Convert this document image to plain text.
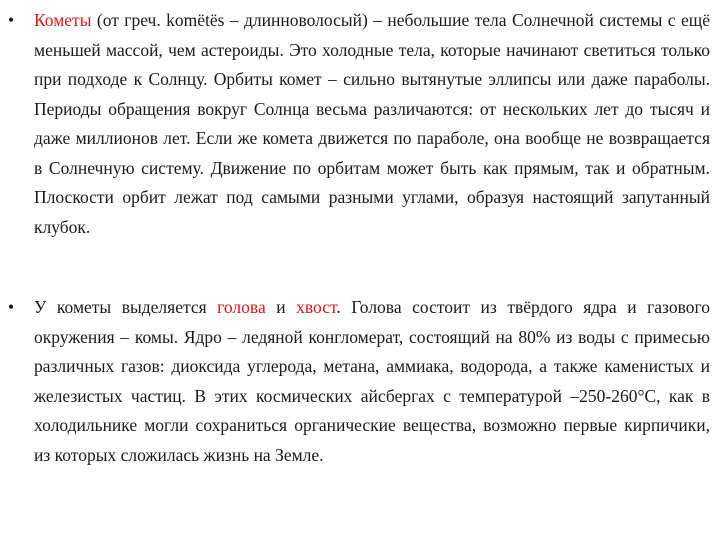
•	Кометы (от греч. komëtës – длинноволосый) – небольшие тела Солнечной системы с ещё меньшей массой, чем астероиды. Это холодные тела, которые начинают светиться только при подходе к Солнцу. Орбиты комет – сильно вытянутые эллипсы или даже параболы. Периоды обращения вокруг Солнца весьма различаются: от нескольких лет до тысяч и даже миллионов лет. Если же комета движется по параболе, она вообще не возвращается в Солнечную систему. Движение по орбитам может быть как прямым, так и обратным. Плоскости орбит лежат под самыми разными углами, образуя настоящий запутанный клубок.
•	У кометы выделяется голова и хвост. Голова состоит из твёрдого ядра и газового окружения – комы. Ядро – ледяной конгломерат, состоящий на 80% из воды с примесью различных газов: диоксида углерода, метана, аммиака, водорода, а также каменистых и железистых частиц. В этих космических айсбергах с температурой –250-260°С, как в холодильнике могли сохраниться органические вещества, возможно первые кирпичики, из которых сложилась жизнь на Земле.
